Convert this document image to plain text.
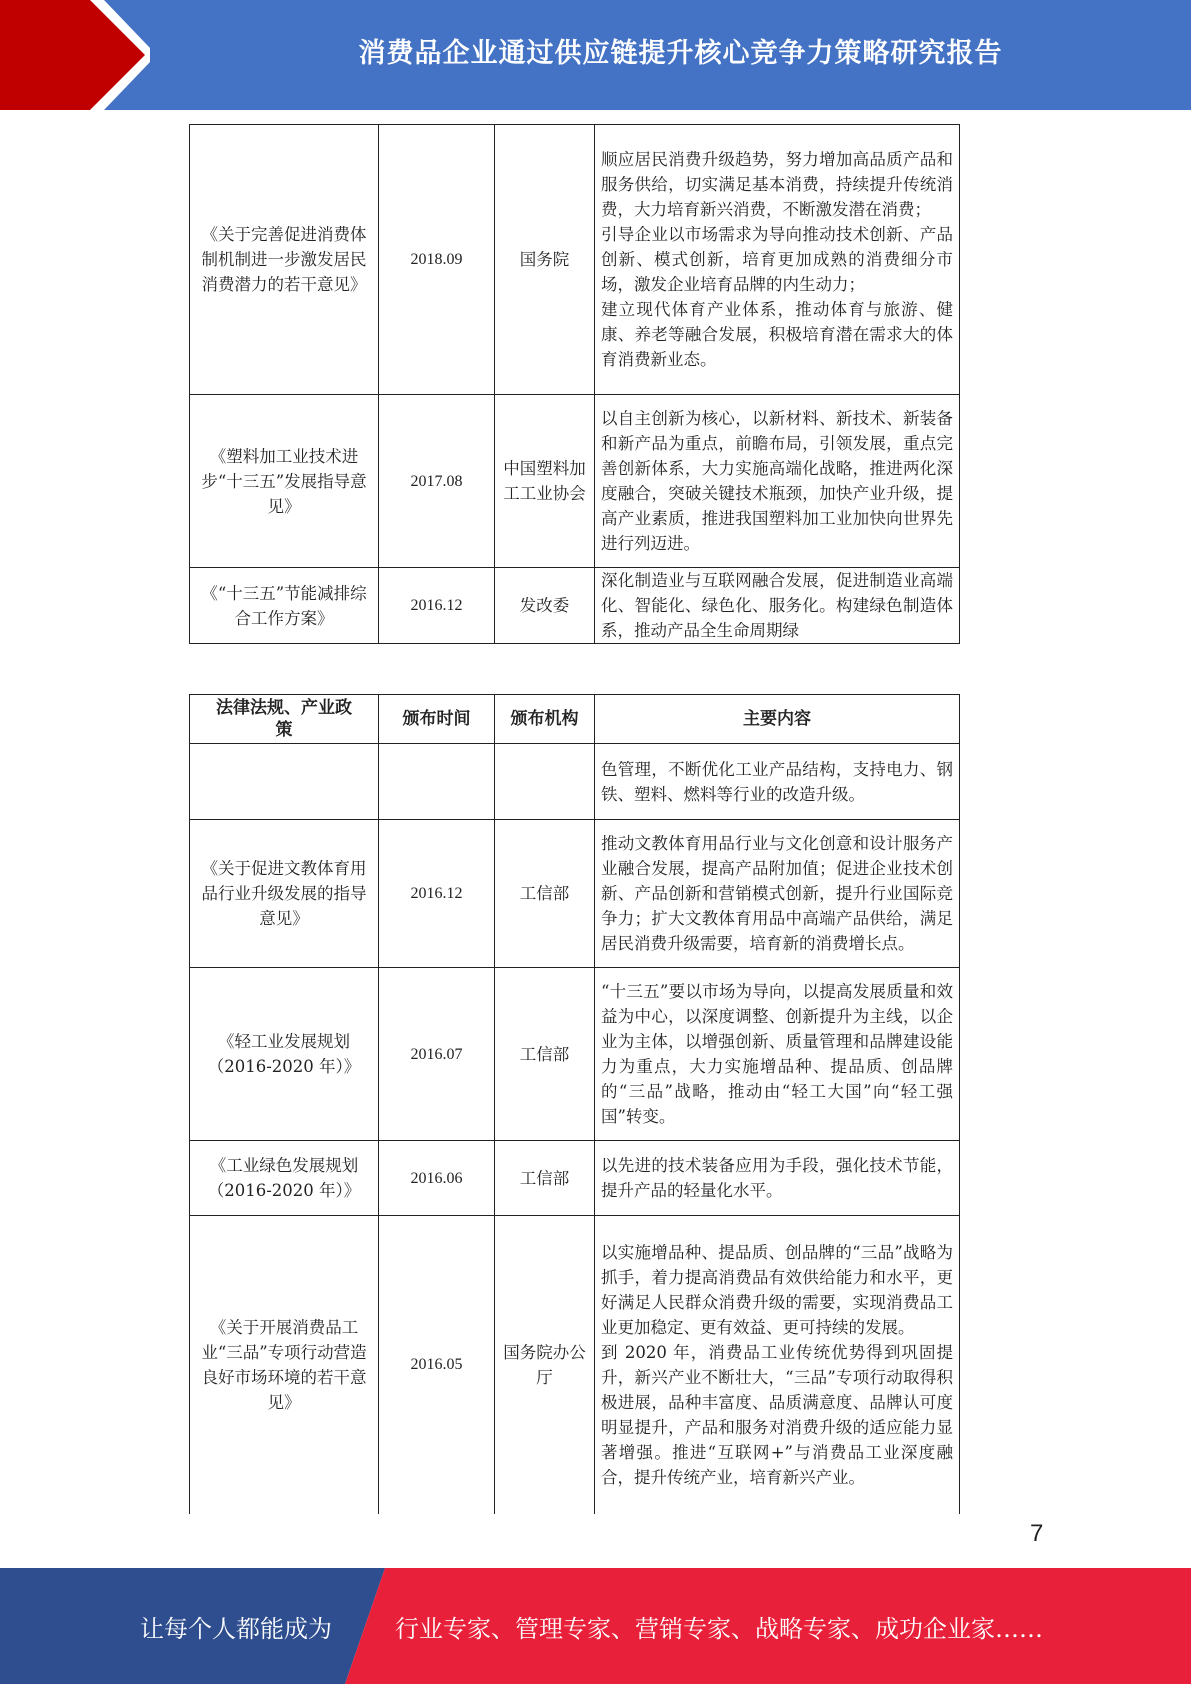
消费品企业通过供应链提升核心竞争力策略研究报告
《关于完善促进消费体制机制进一步激发居民消费潜力的若干意见》	2018.09	国务院	顺应居民消费升级趋势，努力增加高品质产品和服务供给，切实满足基本消费，持续提升传统消费，大力培育新兴消费，不断激发潜在消费；
引导企业以市场需求为导向推动技术创新、产品创新、模式创新，培育更加成熟的消费细分市场，激发企业培育品牌的内生动力；
建立现代体育产业体系，推动体育与旅游、健康、养老等融合发展，积极培育潜在需求大的体育消费新业态。

《塑料加工业技术进步“十三五”发展指导意见》	2017.08	中国塑料加工工业协会	以自主创新为核心，以新材料、新技术、新装备和新产品为重点，前瞻布局，引领发展，重点完善创新体系，大力实施高端化战略，推进两化深度融合，突破关键技术瓶颈，加快产业升级，提高产业素质，推进我国塑料加工业加快向世界先进行列迈进。

《“十三五”节能减排综合工作方案》	2016.12	发改委	深化制造业与互联网融合发展，促进制造业高端化、智能化、绿色化、服务化。构建绿色制造体系，推动产品全生命周期绿
法律法规、产业政策	颁布时间	颁布机构	主要内容

			色管理，不断优化工业产品结构，支持电力、钢铁、塑料、燃料等行业的改造升级。

《关于促进文教体育用品行业升级发展的指导意见》	2016.12	工信部	推动文教体育用品行业与文化创意和设计服务产业融合发展，提高产品附加值；促进企业技术创新、产品创新和营销模式创新，提升行业国际竞争力；扩大文教体育用品中高端产品供给，满足居民消费升级需要，培育新的消费增长点。

《轻工业发展规划（2016-2020 年）》	2016.07	工信部	“十三五”要以市场为导向，以提高发展质量和效益为中心，以深度调整、创新提升为主线，以企业为主体，以增强创新、质量管理和品牌建设能力为重点，大力实施增品种、提品质、创品牌的“三品”战略，推动由“轻工大国”向“轻工强国”转变。

《工业绿色发展规划（2016-2020 年）》	2016.06	工信部	以先进的技术装备应用为手段，强化技术节能，提升产品的轻量化水平。

《关于开展消费品工业“三品”专项行动营造良好市场环境的若干意见》	2016.05	国务院办公厅	以实施增品种、提品质、创品牌的“三品”战略为抓手，着力提高消费品有效供给能力和水平，更好满足人民群众消费升级的需要，实现消费品工业更加稳定、更有效益、更可持续的发展。
到 2020 年，消费品工业传统优势得到巩固提升，新兴产业不断壮大，“三品”专项行动取得积极进展，品种丰富度、品质满意度、品牌认可度明显提升，产品和服务对消费升级的适应能力显著增强。推进“互联网+”与消费品工业深度融合，提升传统产业，培育新兴产业。
7
让每个人都能成为	行业专家、管理专家、营销专家、战略专家、成功企业家……
